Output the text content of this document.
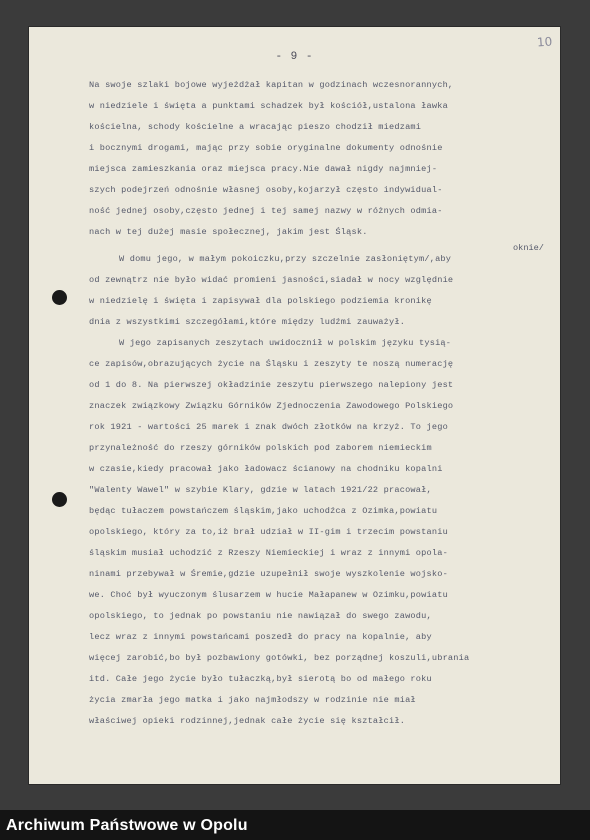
- 9 -
10
oknie/
Na swoje szlaki bojowe wyjeżdżał kapitan w godzinach wczesnorannych,
w niedziele i święta a punktami schadzek był kościół,ustalona ławka
kościelna, schody kościelne a wracając pieszo chodził miedzami
i bocznymi drogami, mając przy sobie oryginalne dokumenty odnośnie
miejsca zamieszkania oraz miejsca pracy.Nie dawał nigdy najmniej-
szych podejrzeń odnośnie własnej osoby,kojarzył często indywidual-
ność jednej osoby,często jednej i tej samej nazwy w różnych odmia-
nach w tej dużej masie społecznej, jakim jest Śląsk.
W domu jego, w małym pokoiczku,przy szczelnie zasłoniętym/,aby
od zewnątrz nie było widać promieni jasności,siadał w nocy względnie
w niedzielę i święta i zapisywał dla polskiego podziemia kronikę
dnia z wszystkimi szczegółami,które między ludźmi zauważył.
W jego zapisanych zeszytach uwidocznił w polskim języku tysią-
ce zapisów,obrazujących życie na Śląsku i zeszyty te noszą numerację
od 1 do 8. Na pierwszej okładzinie zeszytu pierwszego nalepiony jest
znaczek związkowy Związku Górników Zjednoczenia Zawodowego Polskiego
rok 1921 - wartości 25 marek i znak dwóch złotków na krzyż. To jego
przynależność do rzeszy górników polskich pod zaborem niemieckim
w czasie,kiedy pracował jako ładowacz ścianowy na chodniku kopalni
"Walenty Wawel" w szybie Klary, gdzie w latach 1921/22 pracował,
będąc tułaczem powstańczem śląskim,jako uchodźca z Ozimka,powiatu
opolskiego, który za to,iż brał udział w II-gim i trzecim powstaniu
śląskim musiał uchodzić z Rzeszy Niemieckiej i wraz z innymi opola-
ninami przebywał w Śremie,gdzie uzupełnił swoje wyszkolenie wojsko-
we. Choć był wyuczonym ślusarzem w hucie Małapanew w Ozimku,powiatu
opolskiego, to jednak po powstaniu nie nawiązał do swego zawodu,
lecz wraz z innymi powstańcami poszedł do pracy na kopalnie, aby
więcej zarobić,bo był pozbawiony gotówki, bez porządnej koszuli,ubrania
itd. Całe jego życie było tułaczką,był sierotą bo od małego roku
życia zmarła jego matka i jako najmłodszy w rodzinie nie miał
właściwej opieki rodzinnej,jednak całe życie się kształcił.
Archiwum Państwowe w Opolu
